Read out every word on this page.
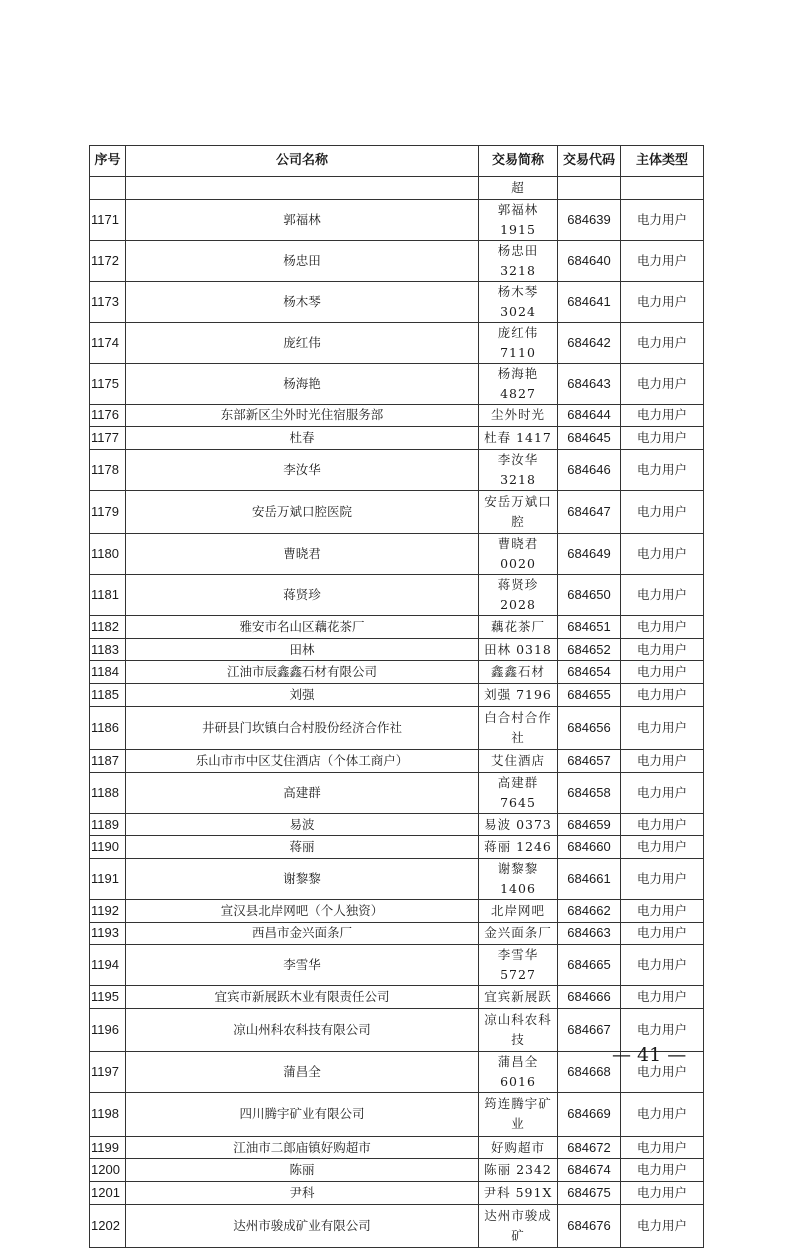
序号	公司名称	交易简称	交易代码	主体类型
		超		
1171	郭福林	郭福林 1915	684639	电力用户
1172	杨忠田	杨忠田 3218	684640	电力用户
1173	杨木琴	杨木琴 3024	684641	电力用户
1174	庞红伟	庞红伟 7110	684642	电力用户
1175	杨海艳	杨海艳 4827	684643	电力用户
1176	东部新区尘外时光住宿服务部	尘外时光	684644	电力用户
1177	杜春	杜春 1417	684645	电力用户
1178	李汝华	李汝华 3218	684646	电力用户
1179	安岳万斌口腔医院	安岳万斌口腔	684647	电力用户
1180	曹晓君	曹晓君 0020	684649	电力用户
1181	蒋贤珍	蒋贤珍 2028	684650	电力用户
1182	雅安市名山区藕花茶厂	藕花茶厂	684651	电力用户
1183	田林	田林 0318	684652	电力用户
1184	江油市辰鑫鑫石材有限公司	鑫鑫石材	684654	电力用户
1185	刘强	刘强 7196	684655	电力用户
1186	井研县门坎镇白合村股份经济合作社	白合村合作社	684656	电力用户
1187	乐山市市中区艾住酒店（个体工商户）	艾住酒店	684657	电力用户
1188	高建群	高建群 7645	684658	电力用户
1189	易波	易波 0373	684659	电力用户
1190	蒋丽	蒋丽 1246	684660	电力用户
1191	谢黎黎	谢黎黎 1406	684661	电力用户
1192	宣汉县北岸网吧（个人独资）	北岸网吧	684662	电力用户
1193	西昌市金兴面条厂	金兴面条厂	684663	电力用户
1194	李雪华	李雪华 5727	684665	电力用户
1195	宜宾市新展跃木业有限责任公司	宜宾新展跃	684666	电力用户
1196	凉山州科农科技有限公司	凉山科农科技	684667	电力用户
1197	蒲昌全	蒲昌全 6016	684668	电力用户
1198	四川腾宇矿业有限公司	筠连腾宇矿业	684669	电力用户
1199	江油市二郎庙镇好购超市	好购超市	684672	电力用户
1200	陈丽	陈丽 2342	684674	电力用户
1201	尹科	尹科 591X	684675	电力用户
1202	达州市骏成矿业有限公司	达州市骏成矿	684676	电力用户
— 41 —
